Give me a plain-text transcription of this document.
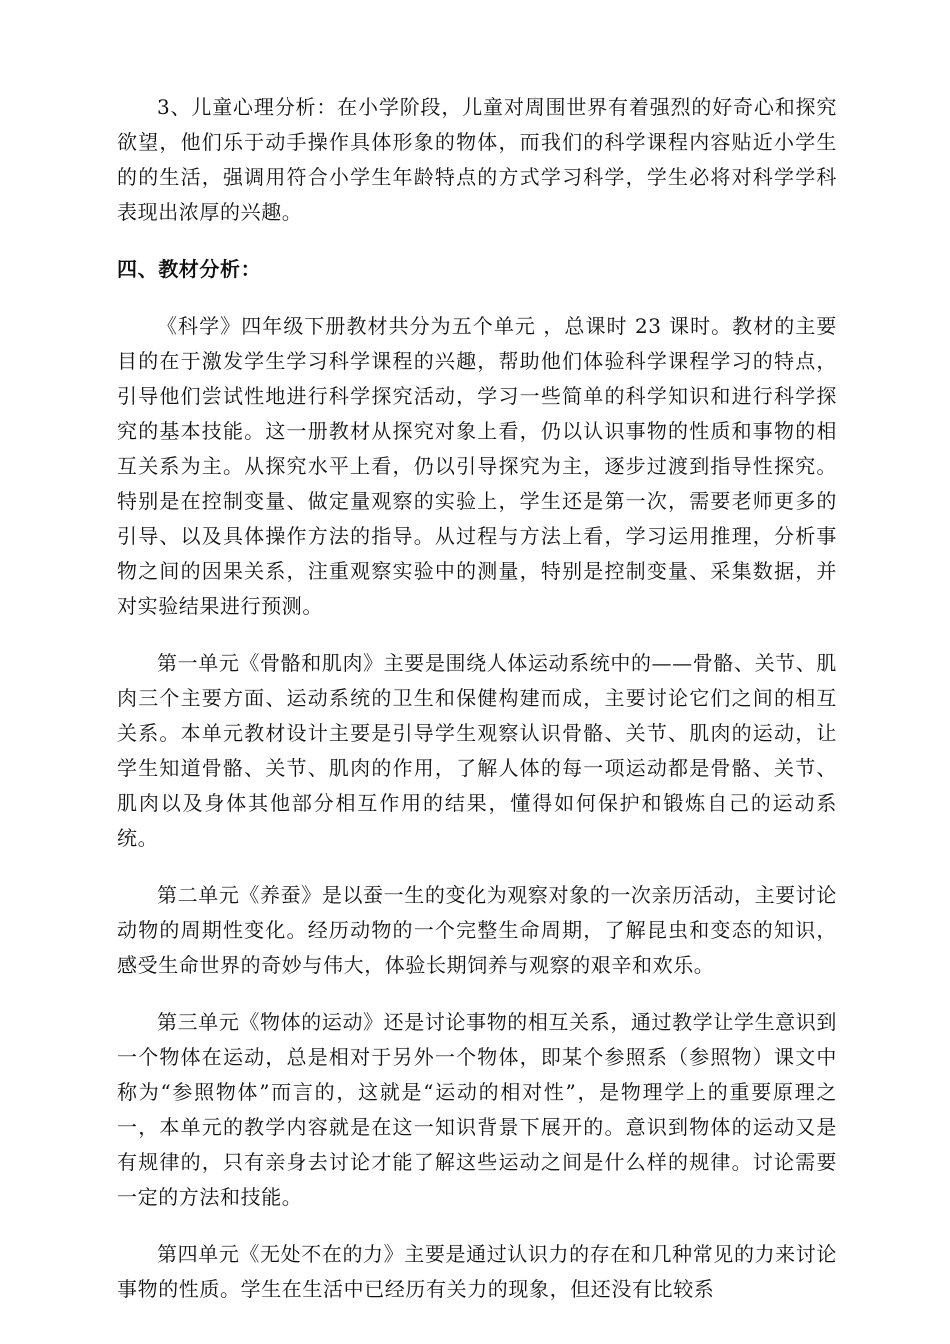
3、儿童心理分析：在小学阶段，儿童对周围世界有着强烈的好奇心和探究欲望，他们乐于动手操作具体形象的物体，而我们的科学课程内容贴近小学生的的生活，强调用符合小学生年龄特点的方式学习科学，学生必将对科学学科表现出浓厚的兴趣。

四、教材分析：

《科学》四年级下册教材共分为五个单元 ，总课时 23 课时。教材的主要目的在于激发学生学习科学课程的兴趣，帮助他们体验科学课程学习的特点，引导他们尝试性地进行科学探究活动，学习一些简单的科学知识和进行科学探究的基本技能。这一册教材从探究对象上看，仍以认识事物的性质和事物的相互关系为主。从探究水平上看，仍以引导探究为主，逐步过渡到指导性探究。特别是在控制变量、做定量观察的实验上，学生还是第一次，需要老师更多的引导、以及具体操作方法的指导。从过程与方法上看，学习运用推理，分析事物之间的因果关系，注重观察实验中的测量，特别是控制变量、采集数据，并对实验结果进行预测。

第一单元《骨骼和肌肉》主要是围绕人体运动系统中的——骨骼、关节、肌肉三个主要方面、运动系统的卫生和保健构建而成，主要讨论它们之间的相互关系。本单元教材设计主要是引导学生观察认识骨骼、关节、肌肉的运动，让学生知道骨骼、关节、肌肉的作用，了解人体的每一项运动都是骨骼、关节、肌肉以及身体其他部分相互作用的结果，懂得如何保护和锻炼自己的运动系统。

第二单元《养蚕》是以蚕一生的变化为观察对象的一次亲历活动，主要讨论动物的周期性变化。经历动物的一个完整生命周期，了解昆虫和变态的知识，感受生命世界的奇妙与伟大，体验长期饲养与观察的艰辛和欢乐。

第三单元《物体的运动》还是讨论事物的相互关系，通过教学让学生意识到一个物体在运动，总是相对于另外一个物体，即某个参照系（参照物）课文中称为“参照物体”而言的，这就是“运动的相对性”，是物理学上的重要原理之一，本单元的教学内容就是在这一知识背景下展开的。意识到物体的运动又是有规律的，只有亲身去讨论才能了解这些运动之间是什么样的规律。讨论需要一定的方法和技能。

第四单元《无处不在的力》主要是通过认识力的存在和几种常见的力来讨论事物的性质。学生在生活中已经历有关力的现象，但还没有比较系
